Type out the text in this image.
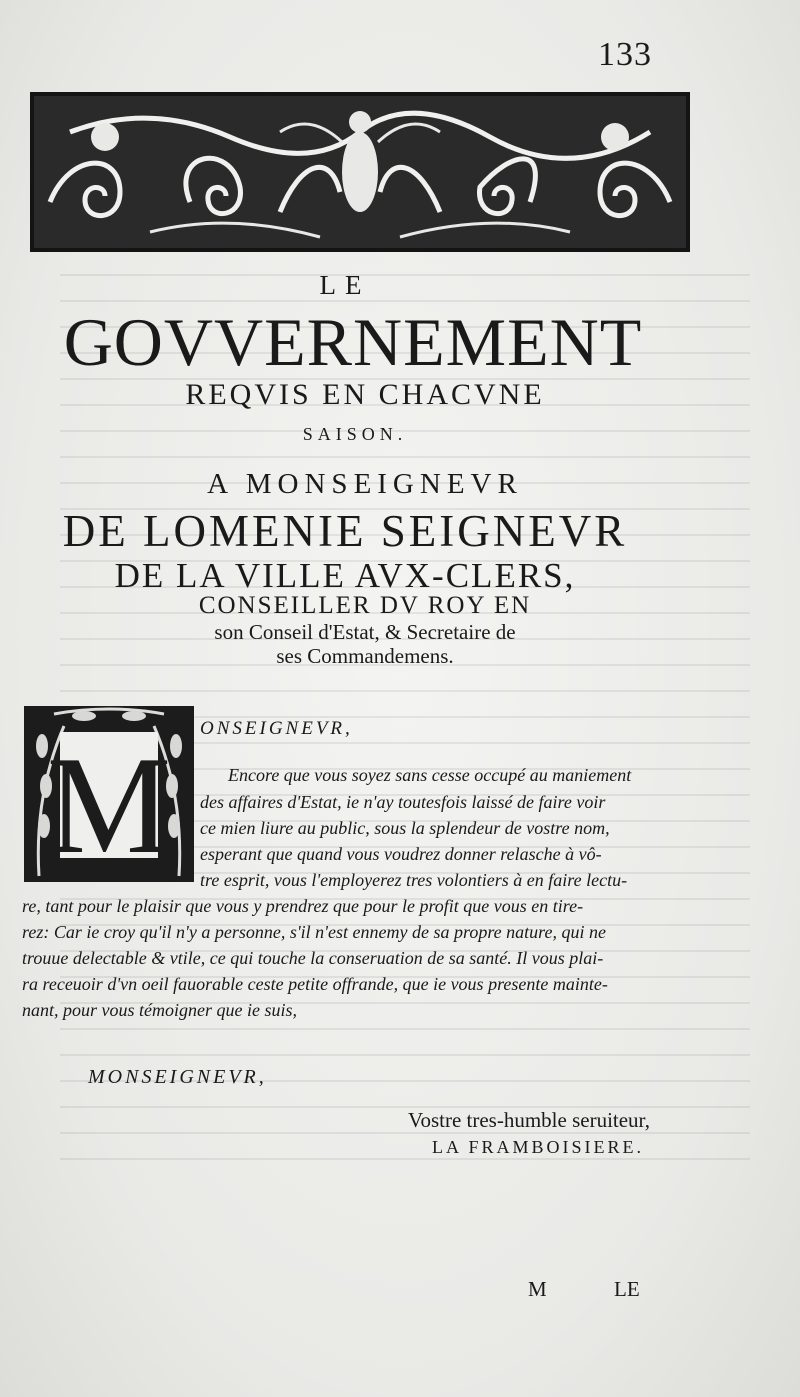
133
LE
GOVVERNEMENT
REQVIS EN CHACVNE
SAISON.
A MONSEIGNEVR
DE LOMENIE SEIGNEVR
DE LA VILLE AVX-CLERS,
CONSEILLER DV ROY EN
son Conseil d'Estat, & Secretaire de
ses Commandemens.
M ONSEIGNEVR,
Encore que vous soyez sans cesse occupé au maniement
des affaires d'Estat, ie n'ay toutesfois laissé de faire voir
ce mien liure au public, sous la splendeur de vostre nom,
esperant que quand vous voudrez donner relasche à vô-
tre esprit, vous l'employerez tres volontiers à en faire lectu-
re, tant pour le plaisir que vous y prendrez que pour le profit que vous en tire-
rez: Car ie croy qu'il n'y a personne, s'il n'est ennemy de sa propre nature, qui ne
trouue delectable & vtile, ce qui touche la conseruation de sa santé. Il vous plai-
ra receuoir d'vn oeil fauorable ceste petite offrande, que ie vous presente mainte-
nant, pour vous témoigner que ie suis,
MONSEIGNEVR,
Vostre tres-humble seruiteur,
LA FRAMBOISIERE.
M	LE
